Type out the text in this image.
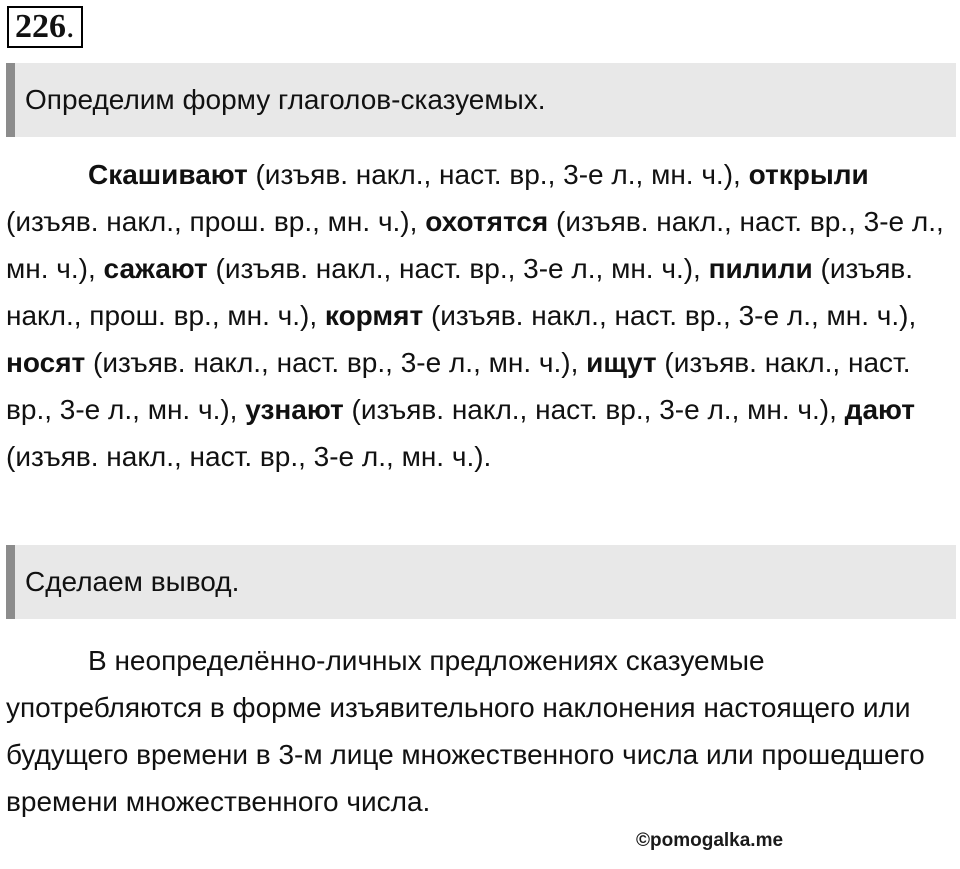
226.
Определим форму глаголов-сказуемых.
Скашивают (изъяв. накл., наст. вр., 3-е л., мн. ч.), открыли (изъяв. накл., прош. вр., мн. ч.), охотятся (изъяв. накл., наст. вр., 3-е л., мн. ч.), сажают (изъяв. накл., наст. вр., 3-е л., мн. ч.), пилили (изъяв. накл., прош. вр., мн. ч.), кормят (изъяв. накл., наст. вр., 3-е л., мн. ч.), носят (изъяв. накл., наст. вр., 3-е л., мн. ч.), ищут (изъяв. накл., наст. вр., 3-е л., мн. ч.), узнают (изъяв. накл., наст. вр., 3-е л., мн. ч.), дают (изъяв. накл., наст. вр., 3-е л., мн. ч.).
Сделаем вывод.
В неопределённо-личных предложениях сказуемые употребляются в форме изъявительного наклонения настоящего или будущего времени в 3-м лице множественного числа или прошедшего времени множественного числа.
©pomogalka.me
